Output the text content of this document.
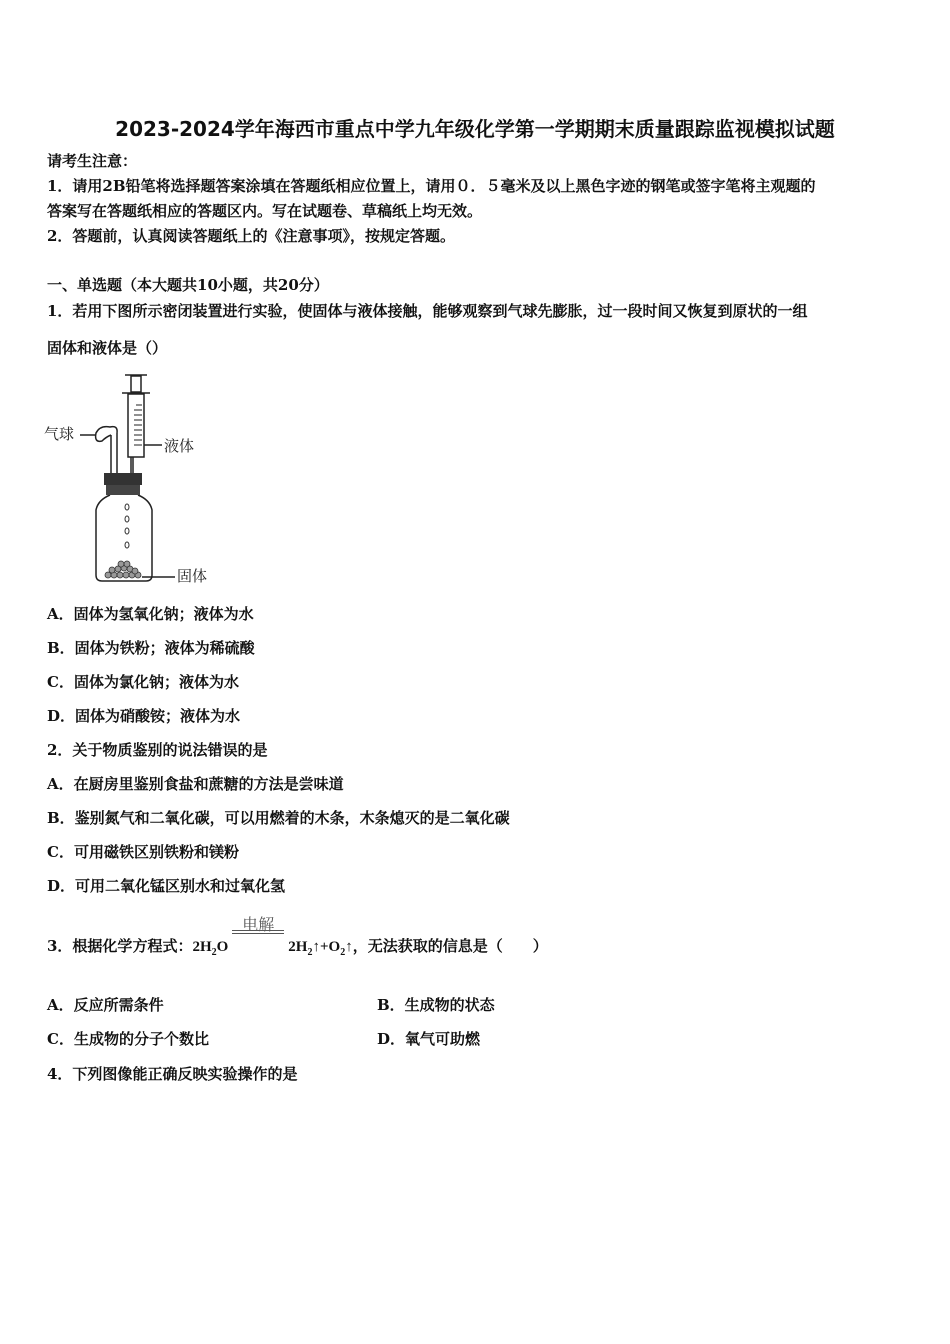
2023-2024学年海西市重点中学九年级化学第一学期期末质量跟踪监视模拟试题
请考生注意：
1．请用2B铅笔将选择题答案涂填在答题纸相应位置上，请用０．５毫米及以上黑色字迹的钢笔或签字笔将主观题的
答案写在答题纸相应的答题区内。写在试题卷、草稿纸上均无效。
2．答题前，认真阅读答题纸上的《注意事项》，按规定答题。
一、单选题（本大题共10小题，共20分）
1．若用下图所示密闭装置进行实验，使固体与液体接触，能够观察到气球先膨胀，过一段时间又恢复到原状的一组
固体和液体是（）
气球
液体
固体
A．固体为氢氧化钠；液体为水
B．固体为铁粉；液体为稀硫酸
C．固体为氯化钠；液体为水
D．固体为硝酸铵；液体为水
2．关于物质鉴别的说法错误的是
A．在厨房里鉴别食盐和蔗糖的方法是尝味道
B．鉴别氮气和二氧化碳，可以用燃着的木条，木条熄灭的是二氧化碳
C．可用磁铁区别铁粉和镁粉
D．可用二氧化锰区别水和过氧化氢
3．根据化学方程式：$2H_2O$
电解
$2H_2↑+O_2↑$，无法获取的信息是（　　）
A．反应所需条件	B．生成物的状态
C．生成物的分子个数比	D．氧气可助燃
4．下列图像能正确反映实验操作的是
